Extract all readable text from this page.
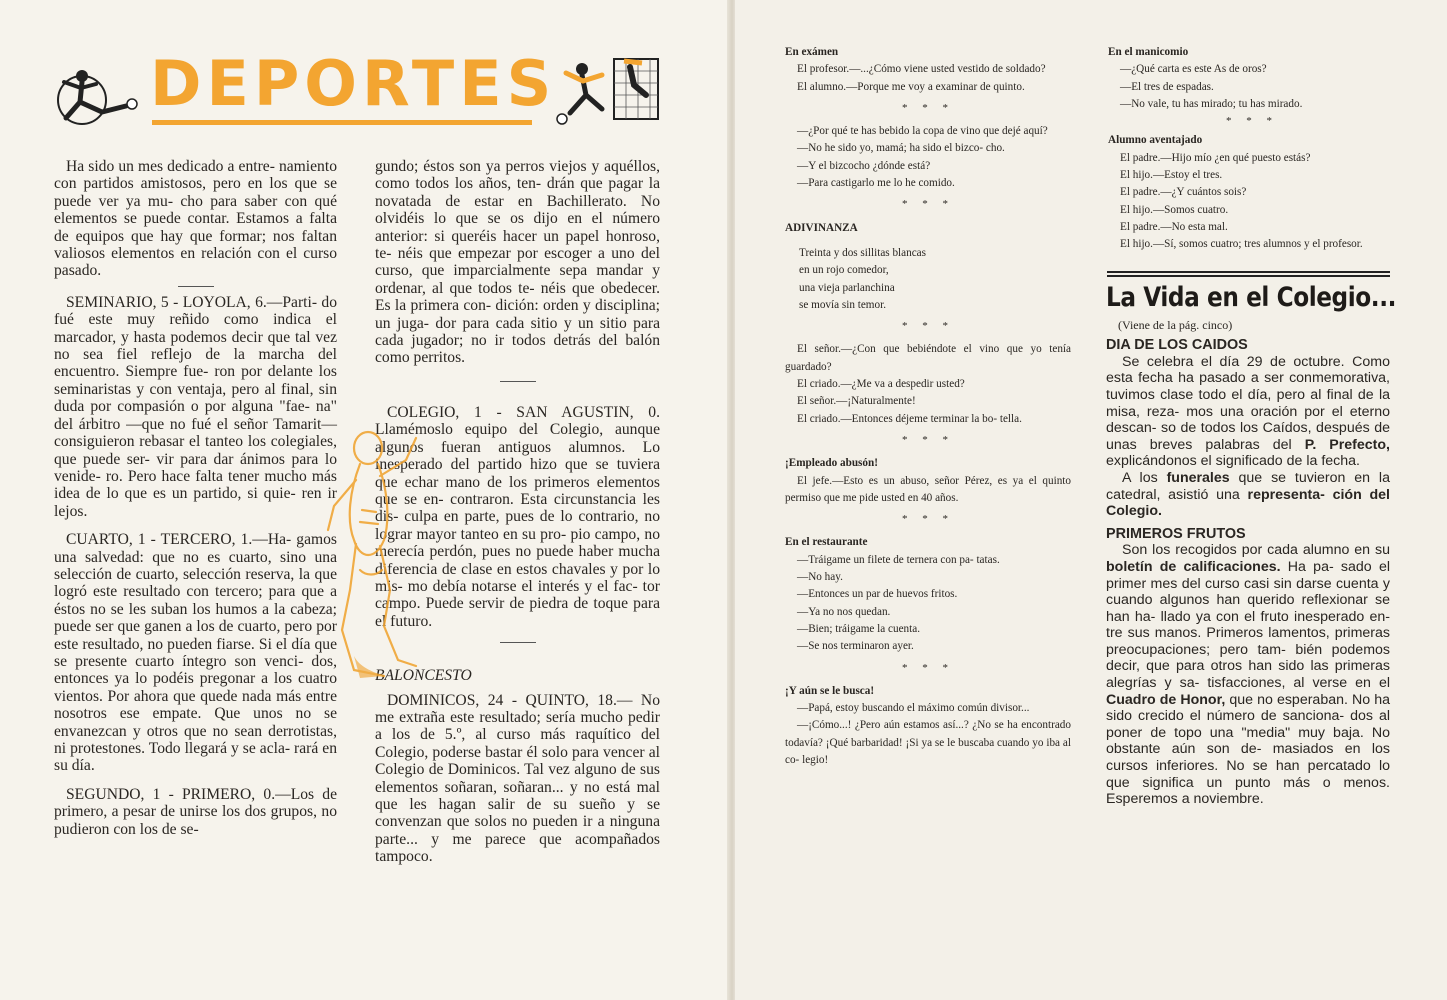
DEPORTES

Ha sido un mes dedicado a entre- namiento con partidos amistosos, pero en los que se puede ver ya mu- cho para saber con qué elementos se puede contar. Estamos a falta de equipos que hay que formar; nos faltan valiosos elementos en relación con el curso pasado.

SEMINARIO, 5 - LOYOLA, 6.—Parti- do fué este muy reñido como indica el marcador, y hasta podemos decir que tal vez no sea fiel reflejo de la marcha del encuentro. Siempre fue- ron por delante los seminaristas y con ventaja, pero al final, sin duda por compasión o por alguna "fae- na" del árbitro —que no fué el señor Tamarit— consiguieron rebasar el tanteo los colegiales, que puede ser- vir para dar ánimos para lo venide- ro. Pero hace falta tener mucho más idea de lo que es un partido, si quie- ren ir lejos.

CUARTO, 1 - TERCERO, 1.—Ha- gamos una salvedad: que no es cuarto, sino una selección de cuarto, selección reserva, la que logró este resultado con tercero; para que a éstos no se les suban los humos a la cabeza; puede ser que ganen a los de cuarto, pero por este resultado, no pueden fiarse. Si el día que se presente cuarto íntegro son venci- dos, entonces ya lo podéis pregonar a los cuatro vientos. Por ahora que quede nada más entre nosotros ese empate. Que unos no se envanezcan y otros que no sean derrotistas, ni protestones. Todo llegará y se acla- rará en su día.

SEGUNDO, 1 - PRIMERO, 0.—Los de primero, a pesar de unirse los dos grupos, no pudieron con los de se-

gundo; éstos son ya perros viejos y aquéllos, como todos los años, ten- drán que pagar la novatada de estar en Bachillerato. No olvidéis lo que se os dijo en el número anterior: si queréis hacer un papel honroso, te- néis que empezar por escoger a uno del curso, que imparcialmente sepa mandar y ordenar, al que todos te- néis que obedecer. Es la primera con- dición: orden y disciplina; un juga- dor para cada sitio y un sitio para cada jugador; no ir todos detrás del balón como perritos.

COLEGIO, 1 - SAN AGUSTIN, 0. Llamémoslo equipo del Colegio, aunque algunos fueran antiguos alumnos. Lo inesperado del partido hizo que se tuviera que echar mano de los primeros elementos que se en- contraron. Esta circunstancia les dis- culpa en parte, pues de lo contrario, no lograr mayor tanteo en su pro- pio campo, no merecía perdón, pues no puede haber mucha diferencia de clase en estos chavales y por lo mis- mo debía notarse el interés y el fac- tor campo. Puede servir de piedra de toque para el futuro.

BALONCESTO

DOMINICOS, 24 - QUINTO, 18.— No me extraña este resultado; sería mucho pedir a los de 5.º, al curso más raquítico del Colegio, poderse bastar él solo para vencer al Colegio de Dominicos. Tal vez alguno de sus elementos soñaran, soñaran... y no está mal que les hagan salir de su sueño y se convenzan que solos no pueden ir a ninguna parte... y me parece que acompañados tampoco.

En exámen

El profesor.—...¿Cómo viene usted vestido de soldado?

El alumno.—Porque me voy a examinar de quinto.

* * *

—¿Por qué te has bebido la copa de vino que dejé aquí?

—No he sido yo, mamá; ha sido el bizco- cho.

—Y el bizcocho ¿dónde está?

—Para castigarlo me lo he comido.

* * *

ADIVINANZA

Treinta y dos sillitas blancas

en un rojo comedor,

una vieja parlanchina

se movía sin temor.

* * *

El señor.—¿Con que bebiéndote el vino que yo tenía guardado?

El criado.—¿Me va a despedir usted?

El señor.—¡Naturalmente!

El criado.—Entonces déjeme terminar la bo- tella.

* * *

¡Empleado abusón!

El jefe.—Esto es un abuso, señor Pérez, es ya el quinto permiso que me pide usted en 40 años.

* * *

En el restaurante

—Tráigame un filete de ternera con pa- tatas.

—No hay.

—Entonces un par de huevos fritos.

—Ya no nos quedan.

—Bien; tráigame la cuenta.

—Se nos terminaron ayer.

* * *

¡Y aún se le busca!

—Papá, estoy buscando el máximo común divisor...

—¡Cómo...! ¿Pero aún estamos así...? ¿No se ha encontrado todavía? ¡Qué barbaridad! ¡Si ya se le buscaba cuando yo iba al co- legio!

En el manicomio

—¿Qué carta es este As de oros?

—El tres de espadas.

—No vale, tu has mirado; tu has mirado.

* * *

Alumno aventajado

El padre.—Hijo mío ¿en qué puesto estás?

El hijo.—Estoy el tres.

El padre.—¿Y cuántos sois?

El hijo.—Somos cuatro.

El padre.—No esta mal.

El hijo.—Sí, somos cuatro; tres alumnos y el profesor.

La Vida en el Colegio...

(Viene de la pág. cinco)

DIA DE LOS CAIDOS

Se celebra el día 29 de octubre. Como esta fecha ha pasado a ser conmemorativa, tuvimos clase todo el día, pero al final de la misa, reza- mos una oración por el eterno descan- so de todos los Caídos, después de unas breves palabras del P. Prefecto, explicándonos el significado de la fecha.

A los funerales que se tuvieron en la catedral, asistió una representa- ción del Colegio.

PRIMEROS FRUTOS

Son los recogidos por cada alumno en su boletín de calificaciones. Ha pa- sado el primer mes del curso casi sin darse cuenta y cuando algunos han querido reflexionar se han ha- llado ya con el fruto inesperado en- tre sus manos. Primeros lamentos, primeras preocupaciones; pero tam- bién podemos decir, que para otros han sido las primeras alegrías y sa- tisfacciones, al verse en el Cuadro de Honor, que no esperaban. No ha sido crecido el número de sanciona- dos al poner de topo una "media" muy baja. No obstante aún son de- masiados en los cursos inferiores. No se han percatado lo que significa un punto más o menos. Esperemos a noviembre.
